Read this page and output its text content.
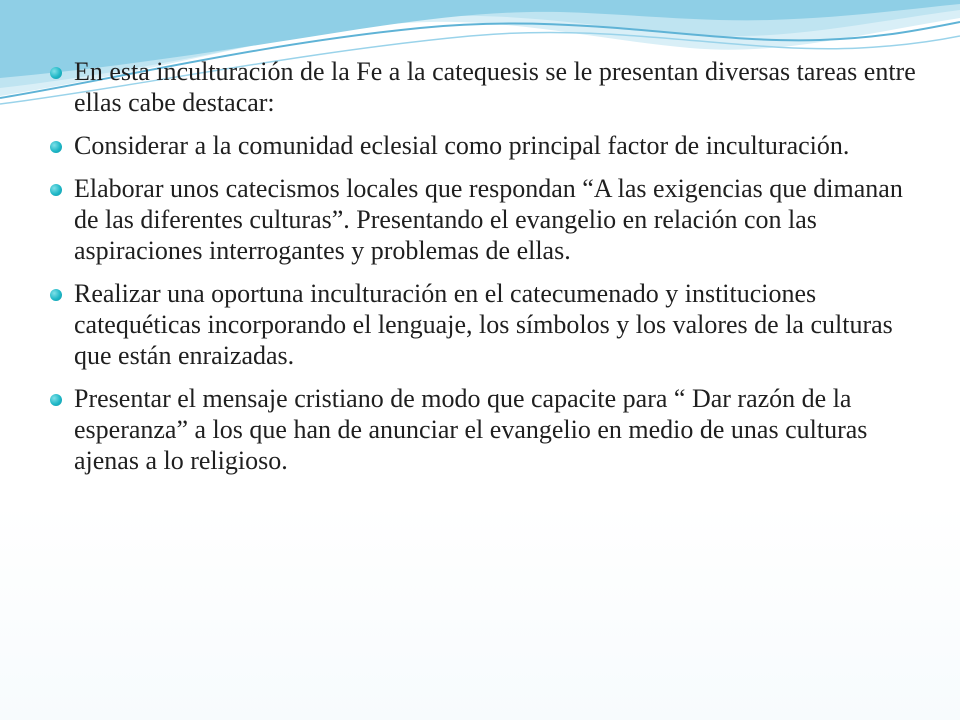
En esta inculturación de la Fe a la catequesis se le presentan diversas tareas entre ellas cabe destacar:
Considerar a la comunidad eclesial como principal factor de inculturación.
Elaborar unos catecismos locales que respondan “A las exigencias que dimanan de las diferentes culturas”. Presentando el evangelio en relación con las aspiraciones interrogantes y problemas de ellas.
Realizar una oportuna inculturación en el catecumenado y instituciones catequéticas incorporando el lenguaje, los símbolos y los valores de la culturas que están enraizadas.
Presentar el mensaje cristiano de modo que capacite para “ Dar razón de la esperanza” a los que han de anunciar el evangelio en medio de unas culturas ajenas a lo religioso.
